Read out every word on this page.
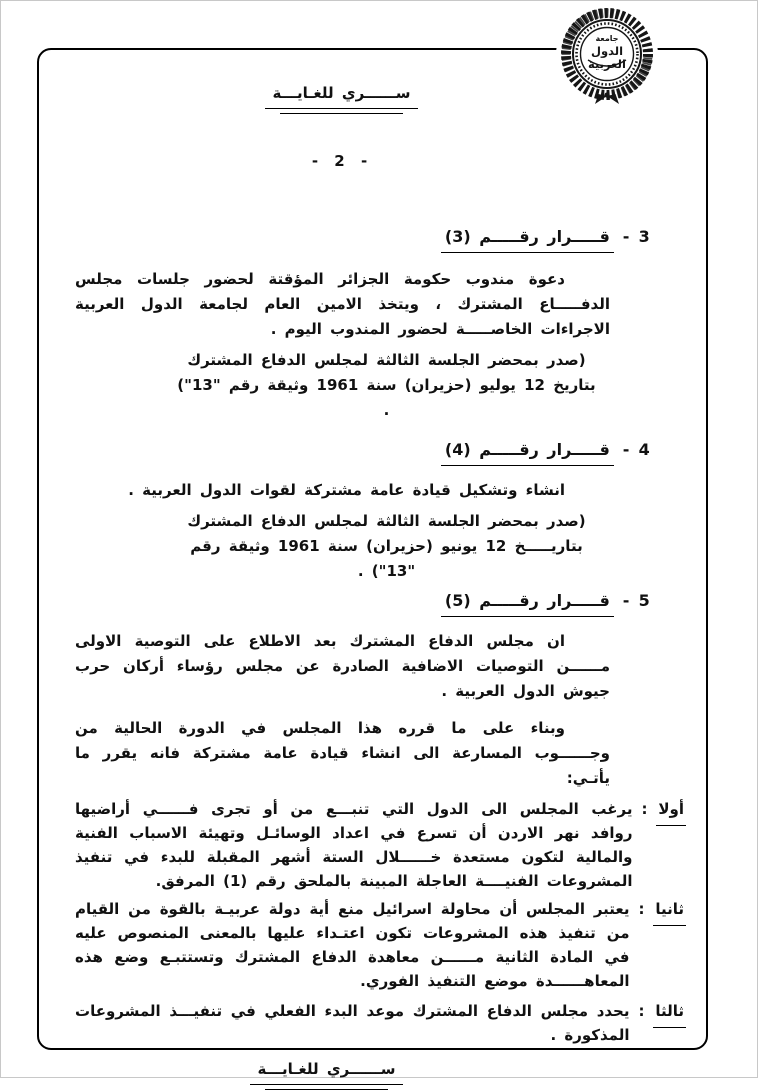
جامعة
الدول
العربية
ســــــري للغـايـــة
- 2 -
3 - قـــــرار رقـــــم (3)

دعوة مندوب حكومة الجزائر المؤقتة لحضور جلسات مجلس الدفـــــاع المشترك ، ويتخذ الامين العام لجامعة الدول العربية الاجراءات الخاصـــــة لحضور المندوب اليوم .

(صدر بمحضر الجلسة الثالثة لمجلس الدفاع المشترك بتاريخ 12 يوليو (حزيران) سنة 1961 وثيقة رقم "13") .

4 - قـــــرار رقـــــم (4)

انشاء وتشكيل قيادة عامة مشتركة لقوات الدول العربية .

(صدر بمحضر الجلسة الثالثة لمجلس الدفاع المشترك بتاريـــــخ 12 يونيو (حزيران) سنة 1961 وثيقة رقم "13") .

5 - قـــــرار رقـــــم (5)

ان مجلس الدفاع المشترك بعد الاطلاع على التوصية الاولى مــــــن التوصيات الاضافية الصادرة عن مجلس رؤساء أركان حرب جيوش الدول العربية .

وبناء على ما قرره هذا المجلس في الدورة الحالية من وجــــــوب المسارعة الى انشاء قيادة عامة مشتركة فانه يقرر ما يأتـي:

أولا :
يرغب المجلس الى الدول التي تنبـــع من أو تجرى فــــــي أراضيها روافد نهر الاردن أن تسرع في اعداد الوسائـل وتهيئة الاسباب الفنية والمالية لتكون مستعدة خــــــلال الستة أشهر المقبلة للبدء في تنفيذ المشروعات الفنيــــة العاجلة المبينة بالملحق رقم (1) المرفق.
ثانيا :
يعتبر المجلس أن محاولة اسرائيل منع أية دولة عربيـة بالقوة من القيام من تنفيذ هذه المشروعات تكون اعتـداء عليها بالمعنى المنصوص عليه في المادة الثانية مــــــن معاهدة الدفاع المشترك وتستتبـع وضع هذه المعاهــــــدة موضع التنفيذ الفوري.
ثالثا :
يحدد مجلس الدفاع المشترك موعد البدء الفعلي في تنفيـــذ المشروعات المذكورة .
ســــــري للغـايـــة
